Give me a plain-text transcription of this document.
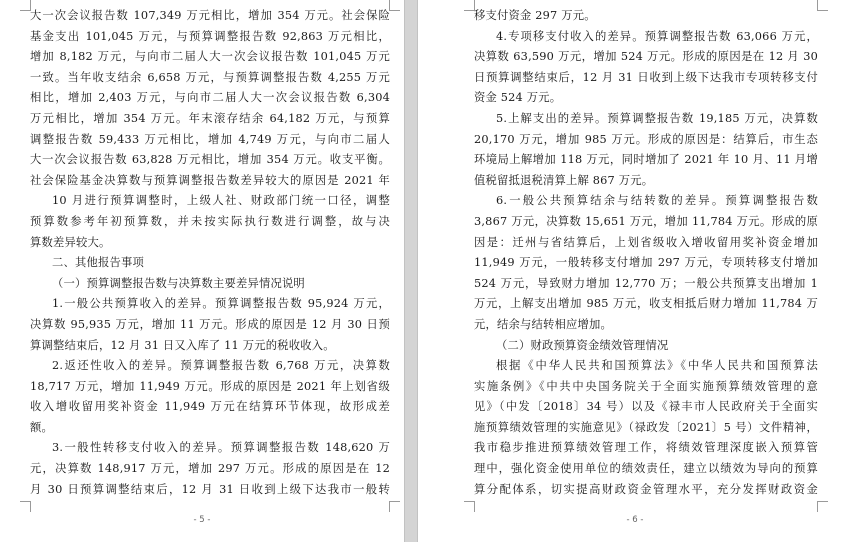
大一次会议报告数 107,349 万元相比，增加 354 万元。社会保险
基金支出 101,045 万元，与预算调整报告数 92,863 万元相比，
增加 8,182 万元，与向市二届人大一次会议报告数 101,045 万元
一致。当年收支结余 6,658 万元，与预算调整报告数 4,255 万元
相比，增加 2,403 万元，与向市二届人大一次会议报告数 6,304
万元相比，增加 354 万元。年末滚存结余 64,182 万元，与预算
调整报告数 59,433 万元相比，增加 4,749 万元，与向市二届人
大一次会议报告数 63,828 万元相比，增加 354 万元。收支平衡。
社会保险基金决算数与预算调整报告数差异较大的原因是 2021 年
10 月进行预算调整时，上级人社、财政部门统一口径，调整
预算数参考年初预算数，并未按实际执行数进行调整，故与决
算数差异较大。
二、其他报告事项
（一）预算调整报告数与决算数主要差异情况说明
1.一般公共预算收入的差异。预算调整报告数 95,924 万元，
决算数 95,935 万元，增加 11 万元。形成的原因是 12 月 30 日预
算调整结束后，12 月 31 日又入库了 11 万元的税收收入。
2.返还性收入的差异。预算调整报告数 6,768 万元，决算数
18,717 万元，增加 11,949 万元。形成的原因是 2021 年上划省级
收入增收留用奖补资金 11,949 万元在结算环节体现，故形成差
额。
3.一般性转移支付收入的差异。预算调整报告数 148,620 万
元，决算数 148,917 万元，增加 297 万元。形成的原因是在 12
月 30 日预算调整结束后，12 月 31 日收到上级下达我市一般转
- 5 -
移支付资金 297 万元。
4.专项移支付收入的差异。预算调整报告数 63,066 万元，
决算数 63,590 万元，增加 524 万元。形成的原因是在 12 月 30
日预算调整结束后，12 月 31 日收到上级下达我市专项转移支付
资金 524 万元。
5.上解支出的差异。预算调整报告数 19,185 万元，决算数
20,170 万元，增加 985 万元。形成的原因是：结算后，市生态
环境局上解增加 118 万元，同时增加了 2021 年 10 月、11 月增
值税留抵退税清算上解 867 万元。
6.一般公共预算结余与结转数的差异。预算调整报告数
3,867 万元，决算数 15,651 万元，增加 11,784 万元。形成的原
因是：迁州与省结算后，上划省级收入增收留用奖补资金增加
11,949 万元，一般转移支付增加 297 万元，专项转移支付增加
524 万元，导致财力增加 12,770 万；一般公共预算支出增加 1
万元，上解支出增加 985 万元，收支相抵后财力增加 11,784 万
元，结余与结转相应增加。
（二）财政预算资金绩效管理情况
根据《中华人民共和国预算法》《中华人民共和国预算法
实施条例》《中共中央国务院关于全面实施预算绩效管理的意
见》（中发〔2018〕34 号）以及《禄丰市人民政府关于全面实
施预算绩效管理的实施意见》（禄政发〔2021〕5 号）文件精神，
我市稳步推进预算绩效管理工作，将绩效管理深度嵌入预算管
理中，强化资金使用单位的绩效责任，建立以绩效为导向的预算
算分配体系，切实提高财政资金管理水平，充分发挥财政资金
- 6 -
